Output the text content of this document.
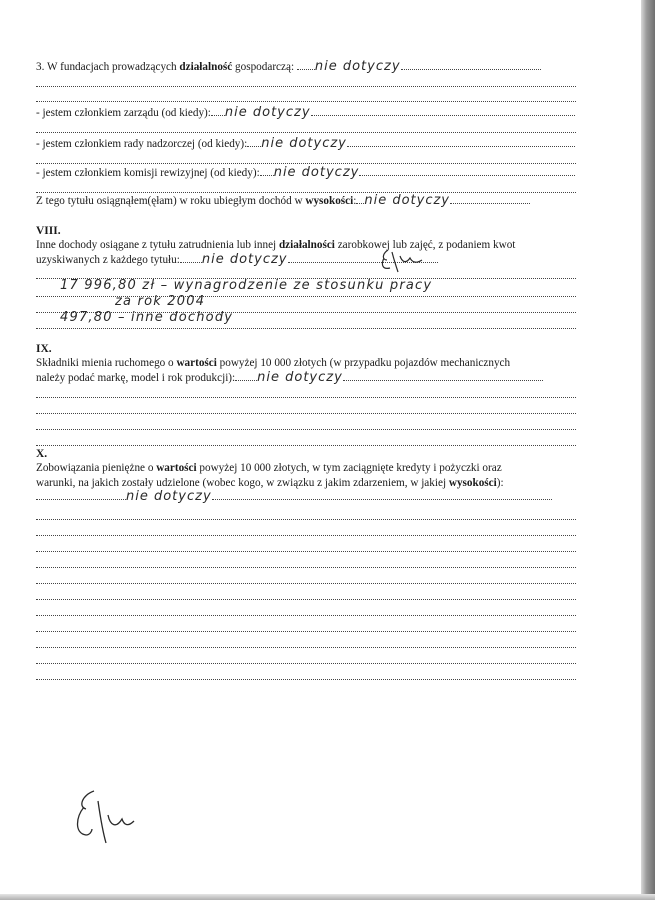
3. W fundacjach prowadzących działalność gospodarczą: nie dotyczy
- jestem członkiem zarządu (od kiedy): nie dotyczy
- jestem członkiem rady nadzorczej (od kiedy): nie dotyczy
- jestem członkiem komisji rewizyjnej (od kiedy): nie dotyczy
Z tego tytułu osiągnąłem(ęłam) w roku ubiegłym dochód w wysokości: nie dotyczy
VIII.
Inne dochody osiągane z tytułu zatrudnienia lub innej działalności zarobkowej lub zajęć, z podaniem kwot
uzyskiwanych z każdego tytułu: nie dotyczy
17 996,80 zł – wynagrodzenie ze stosunku pracy
za rok 2004
497,80 – inne dochody
IX.
Składniki mienia ruchomego o wartości powyżej 10 000 złotych (w przypadku pojazdów mechanicznych
należy podać markę, model i rok produkcji): nie dotyczy
X.
Zobowiązania pieniężne o wartości powyżej 10 000 złotych, w tym zaciągnięte kredyty i pożyczki oraz
warunki, na jakich zostały udzielone (wobec kogo, w związku z jakim zdarzeniem, w jakiej wysokości):
nie dotyczy
